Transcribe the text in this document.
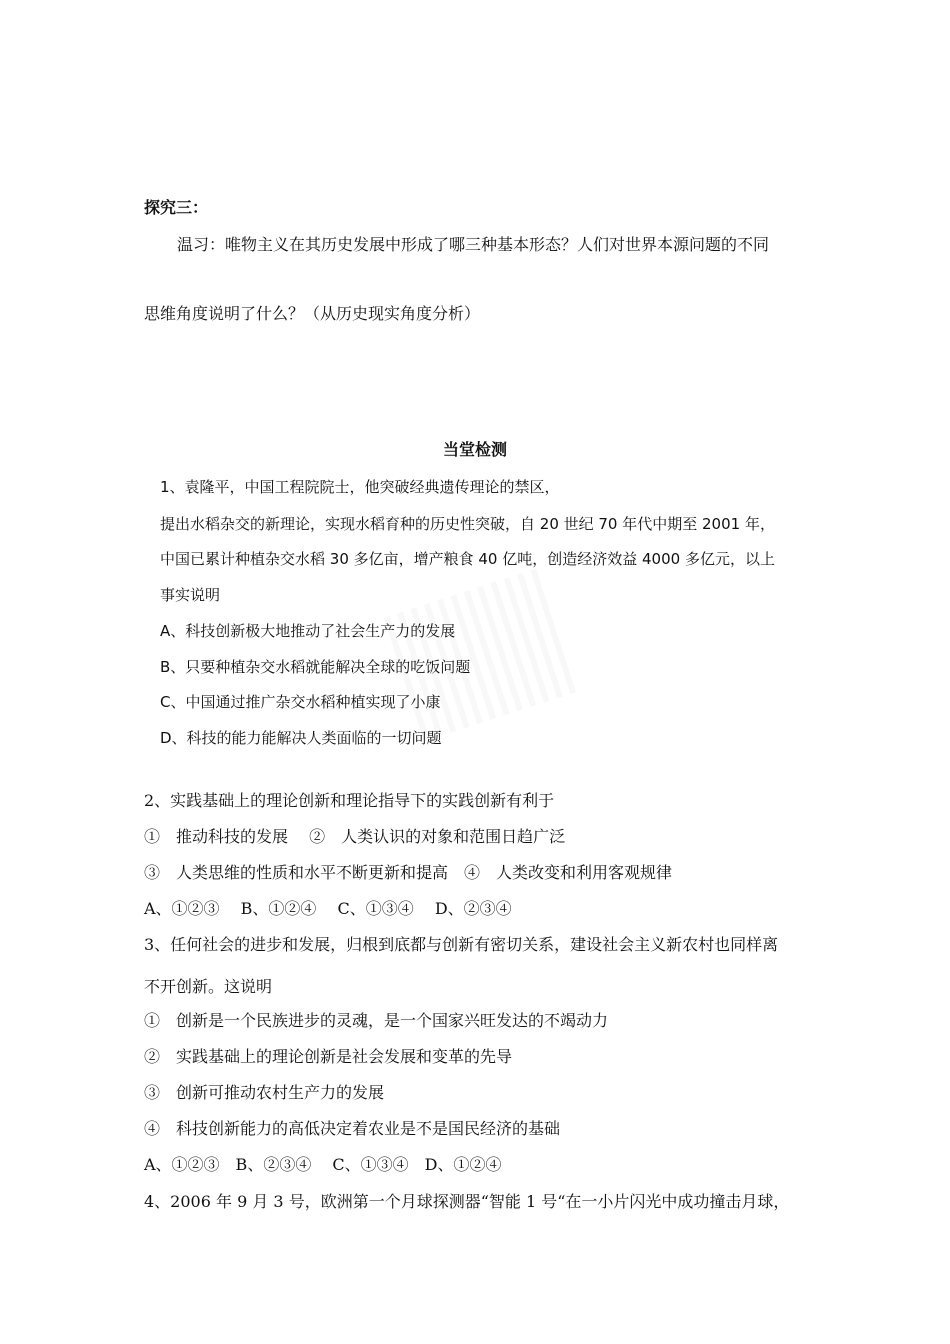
探究三：
温习：唯物主义在其历史发展中形成了哪三种基本形态？人们对世界本源问题的不同
思维角度说明了什么？（从历史现实角度分析）
当堂检测
1、袁隆平，中国工程院院士，他突破经典遗传理论的禁区，
提出水稻杂交的新理论，实现水稻育种的历史性突破，自 20 世纪 70 年代中期至 2001 年，
中国已累计种植杂交水稻 30 多亿亩，增产粮食 40 亿吨，创造经济效益 4000 多亿元，以上
事实说明
A、科技创新极大地推动了社会生产力的发展
B、只要种植杂交水稻就能解决全球的吃饭问题
C、中国通过推广杂交水稻种植实现了小康
D、科技的能力能解决人类面临的一切问题
2、实践基础上的理论创新和理论指导下的实践创新有利于
①　推动科技的发展　 ②　人类认识的对象和范围日趋广泛
③　人类思维的性质和水平不断更新和提高　④　人类改变和利用客观规律
A、①②③　 B、①②④　 C、①③④　 D、②③④
3、任何社会的进步和发展，归根到底都与创新有密切关系，建设社会主义新农村也同样离
不开创新。这说明
①　创新是一个民族进步的灵魂，是一个国家兴旺发达的不竭动力
②　实践基础上的理论创新是社会发展和变革的先导
③　创新可推动农村生产力的发展
④　科技创新能力的高低决定着农业是不是国民经济的基础
A、①②③　B、②③④　 C、①③④　D、①②④
4、2006 年 9 月 3 号，欧洲第一个月球探测器“智能 1 号“在一小片闪光中成功撞击月球，
